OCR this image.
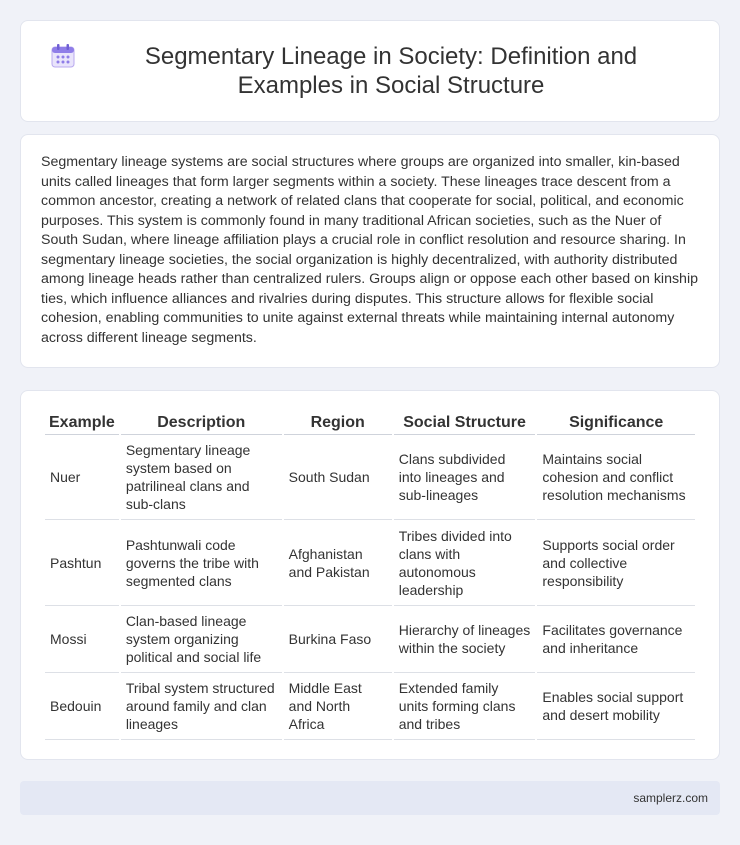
Segmentary Lineage in Society: Definition and Examples in Social Structure

Segmentary lineage systems are social structures where groups are organized into smaller, kin-based units called lineages that form larger segments within a society. These lineages trace descent from a common ancestor, creating a network of related clans that cooperate for social, political, and economic purposes. This system is commonly found in many traditional African societies, such as the Nuer of South Sudan, where lineage affiliation plays a crucial role in conflict resolution and resource sharing. In segmentary lineage societies, the social organization is highly decentralized, with authority distributed among lineage heads rather than centralized rulers. Groups align or oppose each other based on kinship ties, which influence alliances and rivalries during disputes. This structure allows for flexible social cohesion, enabling communities to unite against external threats while maintaining internal autonomy across different lineage segments.

Example	Description	Region	Social Structure	Significance
Nuer	Segmentary lineage system based on patrilineal clans and sub-clans	South Sudan	Clans subdivided into lineages and sub-lineages	Maintains social cohesion and conflict resolution mechanisms
Pashtun	Pashtunwali code governs the tribe with segmented clans	Afghanistan and Pakistan	Tribes divided into clans with autonomous leadership	Supports social order and collective responsibility
Mossi	Clan-based lineage system organizing political and social life	Burkina Faso	Hierarchy of lineages within the society	Facilitates governance and inheritance
Bedouin	Tribal system structured around family and clan lineages	Middle East and North Africa	Extended family units forming clans and tribes	Enables social support and desert mobility
samplerz.com
